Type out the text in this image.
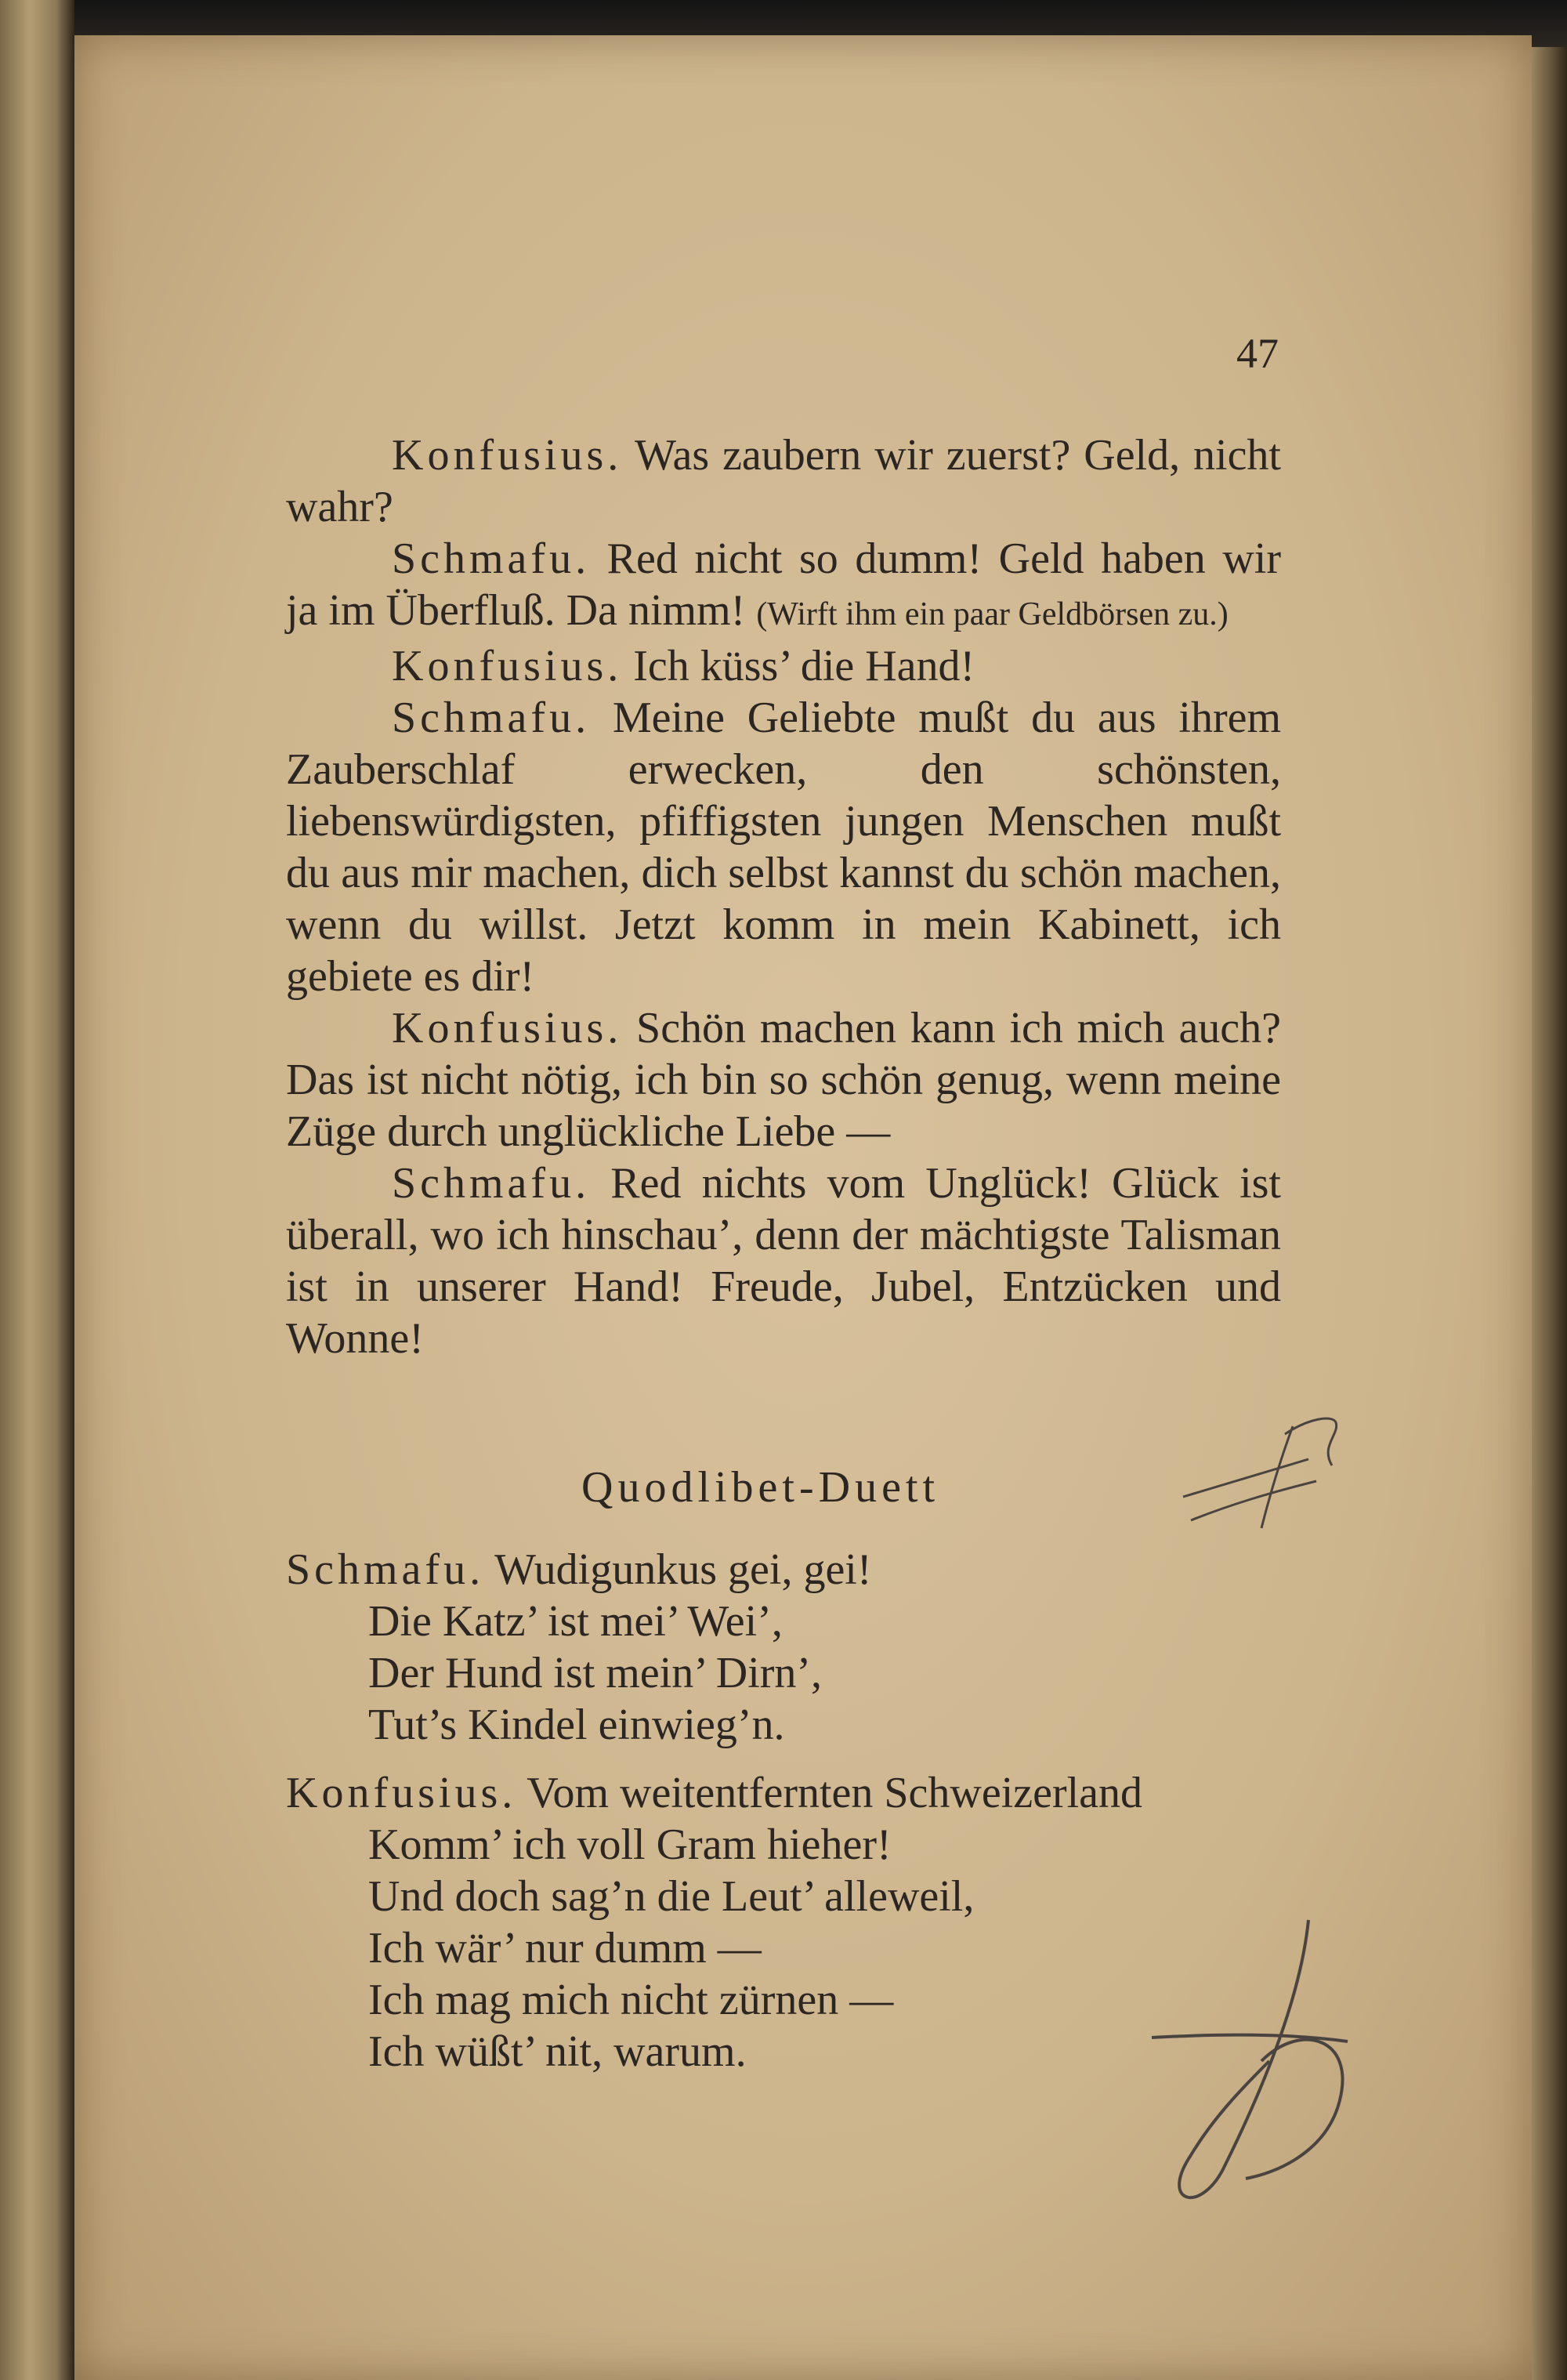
47

Konfusius. Was zaubern wir zuerst? Geld, nicht wahr?

Schmafu. Red nicht so dumm! Geld haben wir ja im Überfluß. Da nimm! (Wirft ihm ein paar Geldbörsen zu.)

Konfusius. Ich küss’ die Hand!

Schmafu. Meine Geliebte mußt du aus ihrem Zauberschlaf erwecken, den schönsten, liebenswürdigsten, pfiffigsten jungen Menschen mußt du aus mir machen, dich selbst kannst du schön machen, wenn du willst. Jetzt komm in mein Kabinett, ich gebiete es dir!

Konfusius. Schön machen kann ich mich auch? Das ist nicht nötig, ich bin so schön genug, wenn meine Züge durch unglückliche Liebe —

Schmafu. Red nichts vom Unglück! Glück ist überall, wo ich hinschau’, denn der mächtigste Talisman ist in unserer Hand! Freude, Jubel, Entzücken und Wonne!

Quodlibet-Duett
Schmafu. Wudigunkus gei, gei!
Die Katz’ ist mei’ Wei’,
Der Hund ist mein’ Dirn’,
Tut’s Kindel einwieg’n.
Konfusius. Vom weitentfernten Schweizerland
Komm’ ich voll Gram hieher!
Und doch sag’n die Leut’ alleweil,
Ich wär’ nur dumm —
Ich mag mich nicht zürnen —
Ich wüßt’ nit, warum.
